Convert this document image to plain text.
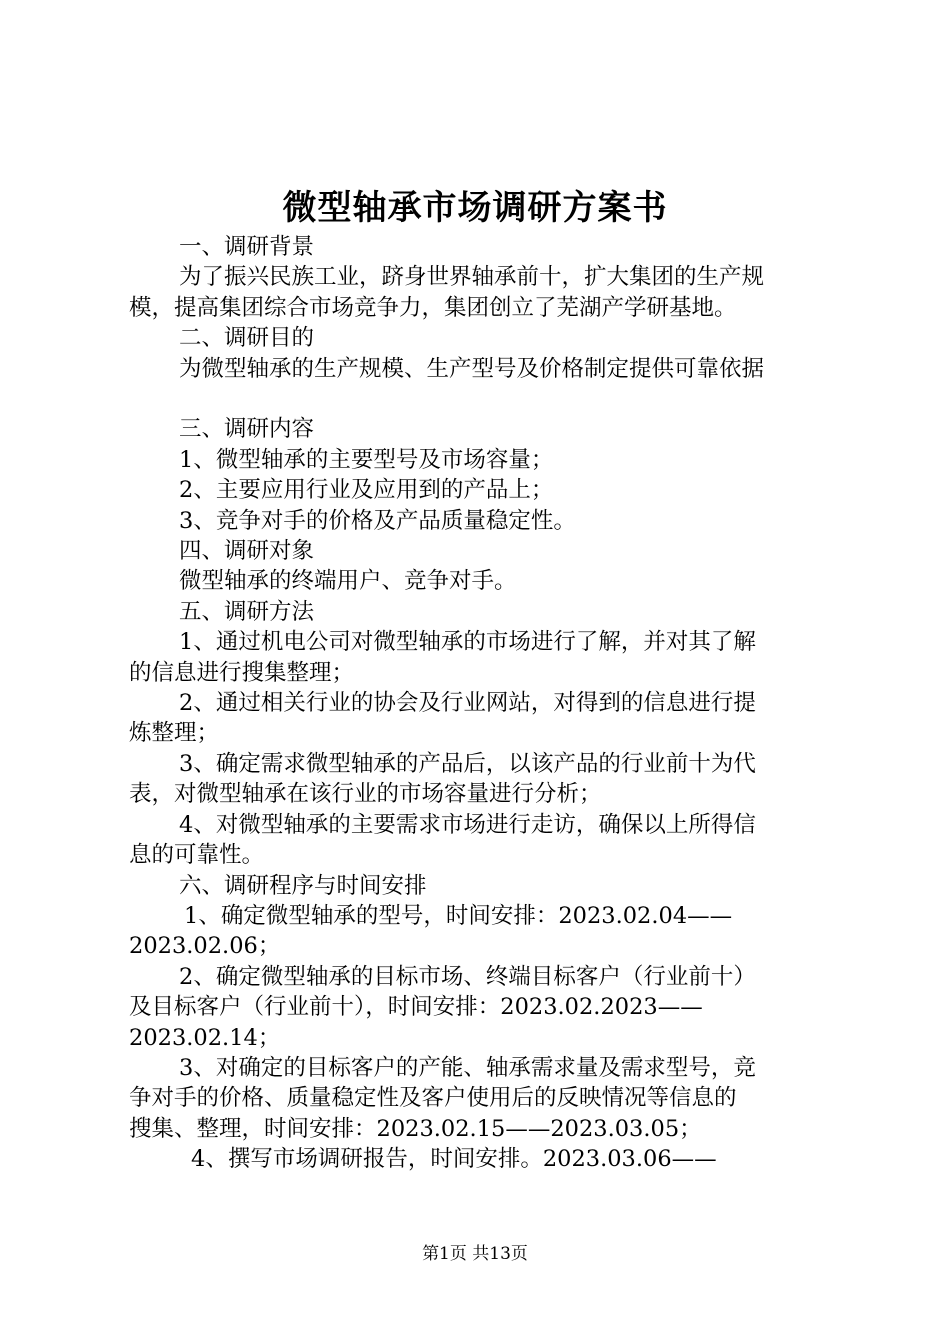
微型轴承市场调研方案书

一、调研背景

为了振兴民族工业，跻身世界轴承前十，扩大集团的生产规

模，提高集团综合市场竞争力，集团创立了芜湖产学研基地。

二、调研目的

为微型轴承的生产规模、生产型号及价格制定提供可靠依据

三、调研内容

1、微型轴承的主要型号及市场容量；

2、主要应用行业及应用到的产品上；

3、竞争对手的价格及产品质量稳定性。

四、调研对象

微型轴承的终端用户、竞争对手。

五、调研方法

1、通过机电公司对微型轴承的市场进行了解，并对其了解

的信息进行搜集整理；

2、通过相关行业的协会及行业网站，对得到的信息进行提

炼整理；

3、确定需求微型轴承的产品后，以该产品的行业前十为代

表，对微型轴承在该行业的市场容量进行分析；

4、对微型轴承的主要需求市场进行走访，确保以上所得信

息的可靠性。

六、调研程序与时间安排

1、确定微型轴承的型号，时间安排：2023.02.04——

2023.02.06；

2、确定微型轴承的目标市场、终端目标客户（行业前十）

及目标客户（行业前十），时间安排：2023.02.2023——

2023.02.14；

3、对确定的目标客户的产能、轴承需求量及需求型号，竞

争对手的价格、质量稳定性及客户使用后的反映情况等信息的

搜集、整理，时间安排：2023.02.15——2023.03.05；

4、撰写市场调研报告，时间安排。2023.03.06——

第1页 共13页
